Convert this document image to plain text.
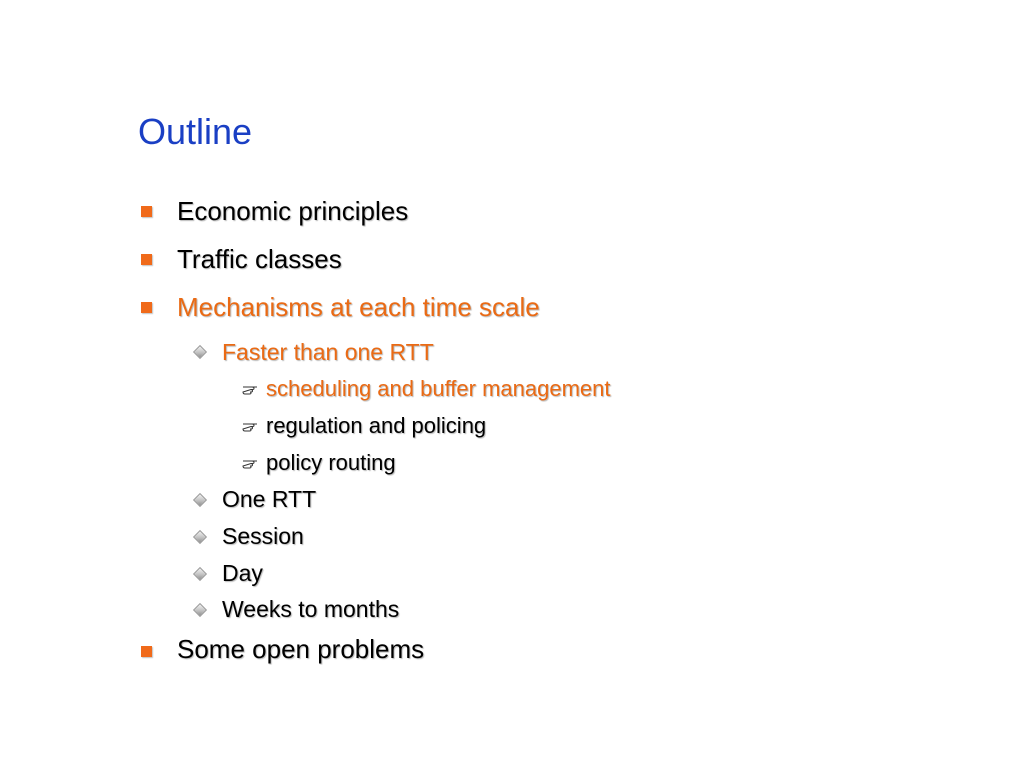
Outline
Economic principles
Traffic classes
Mechanisms at each time scale
Faster than one RTT
scheduling and buffer management
regulation and policing
policy routing
One RTT
Session
Day
Weeks to months
Some open problems
